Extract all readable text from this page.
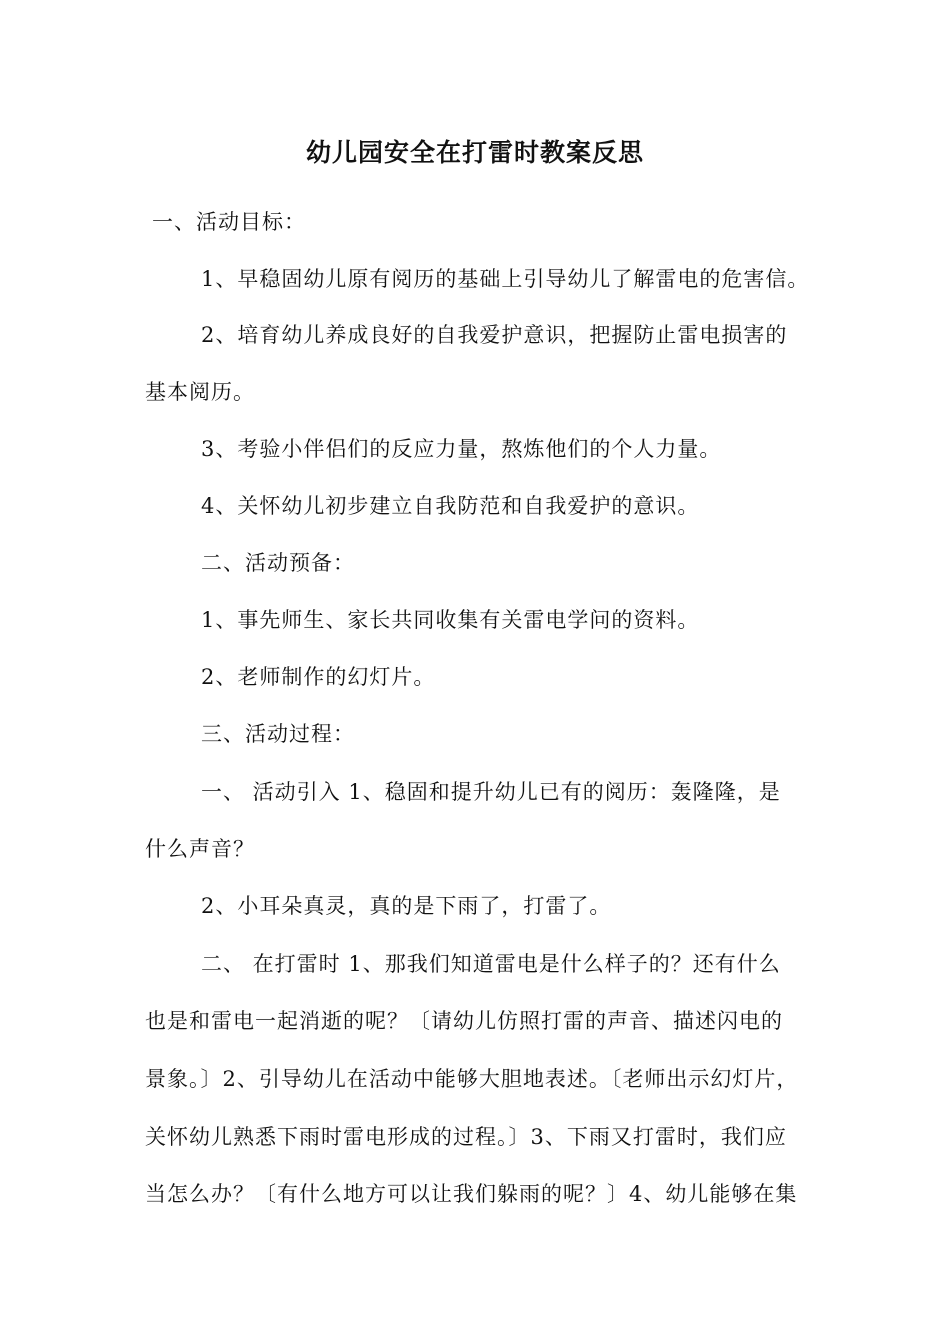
幼儿园安全在打雷时教案反思
一、活动目标：
1、早稳固幼儿原有阅历的基础上引导幼儿了解雷电的危害信。
2、培育幼儿养成良好的自我爱护意识，把握防止雷电损害的
基本阅历。
3、考验小伴侣们的反应力量，熬炼他们的个人力量。
4、关怀幼儿初步建立自我防范和自我爱护的意识。
二、活动预备：
1、事先师生、家长共同收集有关雷电学问的资料。
2、老师制作的幻灯片。
三、活动过程：
一、 活动引入 1、稳固和提升幼儿已有的阅历：轰隆隆，是
什么声音？
2、小耳朵真灵，真的是下雨了，打雷了。
二、 在打雷时 1、那我们知道雷电是什么样子的？还有什么
也是和雷电一起消逝的呢？〔请幼儿仿照打雷的声音、描述闪电的
景象。〕2、引导幼儿在活动中能够大胆地表述。〔老师出示幻灯片，
关怀幼儿熟悉下雨时雷电形成的过程。〕3、下雨又打雷时，我们应
当怎么办？〔有什么地方可以让我们躲雨的呢？〕4、幼儿能够在集
